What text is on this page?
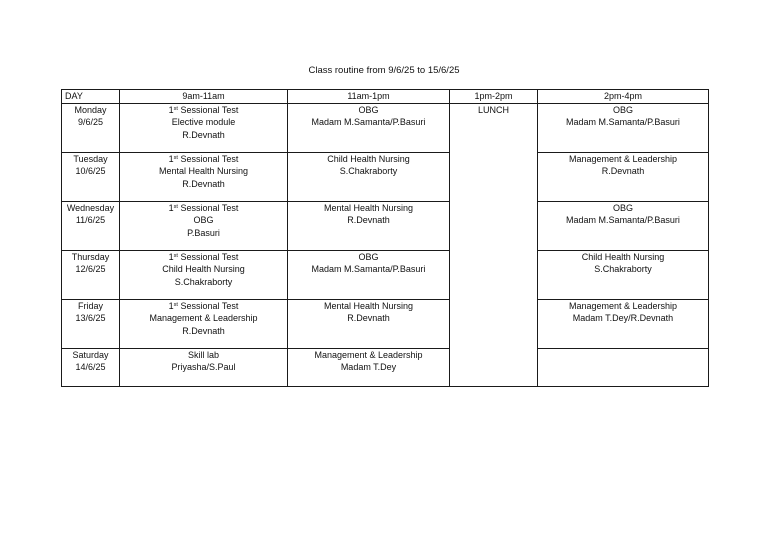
Class routine from 9/6/25 to 15/6/25
DAY	9am-11am	11am-1pm	1pm-2pm	2pm-4pm

Monday
9/6/25	1st Sessional Test
Elective module
R.Devnath	OBG
Madam M.Samanta/P.Basuri	LUNCH	OBG
Madam M.Samanta/P.Basuri

Tuesday
10/6/25	1st Sessional Test
Mental Health Nursing
R.Devnath	Child Health Nursing
S.Chakraborty		Management & Leadership
R.Devnath

Wednesday
11/6/25	1st Sessional Test
OBG
P.Basuri	Mental Health Nursing
R.Devnath		OBG
Madam M.Samanta/P.Basuri

Thursday
12/6/25	1st Sessional Test
Child Health Nursing
S.Chakraborty	OBG
Madam M.Samanta/P.Basuri		Child Health Nursing
S.Chakraborty

Friday
13/6/25	1st Sessional Test
Management & Leadership
R.Devnath	Mental Health Nursing
R.Devnath		Management & Leadership
Madam T.Dey/R.Devnath

Saturday
14/6/25	Skill lab
Priyasha/S.Paul	Management & Leadership
Madam T.Dey		
